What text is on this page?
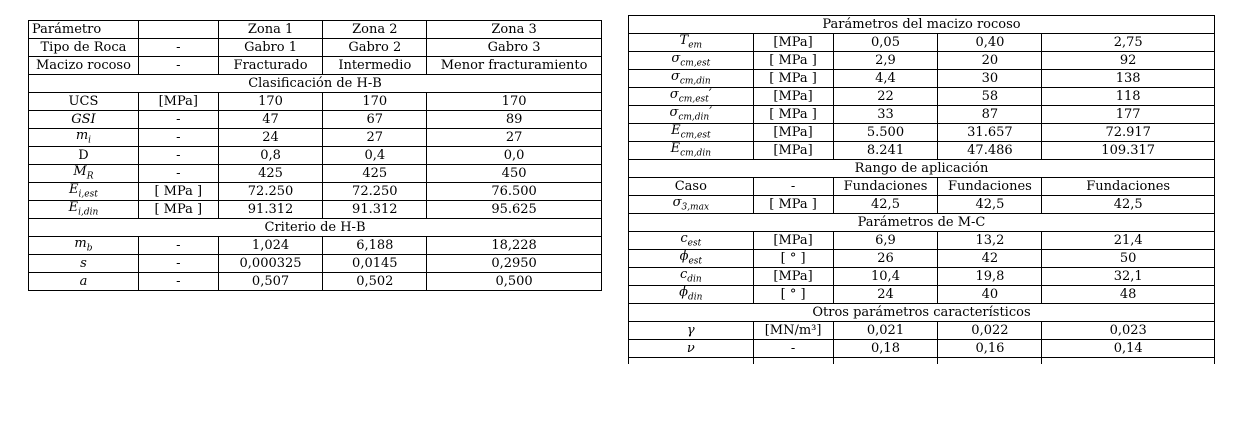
Parámetro		Zona 1	Zona 2	Zona 3
Tipo de Roca	-	Gabro 1	Gabro 2	Gabro 3
Macizo rocoso	-	Fracturado	Intermedio	Menor fracturamiento
Clasificación de H-B				
UCS	[MPa]	170	170	170
GSI	-	47	67	89
$m_i$	-	24	27	27
D	-	0,8	0,4	0,0
$M_R$	-	425	425	450
$E_{i,est}$	[ MPa ]	72.250	72.250	76.500
$E_{i,din}$	[ MPa ]	91.312	91.312	95.625
Criterio de H-B				
$m_b$	-	1,024	6,188	18,228
s	-	0,000325	0,0145	0,2950
a	-	0,507	0,502	0,500
Parámetros del macizo rocoso				
$T_{em}$	[MPa]	0,05	0,40	2,75
$\sigma_{cm,est}$	[ MPa ]	2,9	20	92
$\sigma_{cm,din}$	[ MPa ]	4,4	30	138
$\sigma_{cm,est}'$	[MPa]	22	58	118
$\sigma_{cm,din}'$	[ MPa ]	33	87	177
$E_{cm,est}$	[MPa]	5.500	31.657	72.917
$E_{cm,din}$	[MPa]	8.241	47.486	109.317
Rango de aplicación				
Caso	-	Fundaciones	Fundaciones	Fundaciones
$\sigma_{3,max}$	[ MPa ]	42,5	42,5	42,5
Parámetros de M-C				
$c_{est}$	[MPa]	6,9	13,2	21,4
$\phi_{est}$	[ ° ]	26	42	50
$c_{din}$	[MPa]	10,4	19,8	32,1
$\phi_{din}$	[ ° ]	24	40	48
Otros parámetros característicos				
γ	[MN/m³]	0,021	0,022	0,023
ν	-	0,18	0,16	0,14
